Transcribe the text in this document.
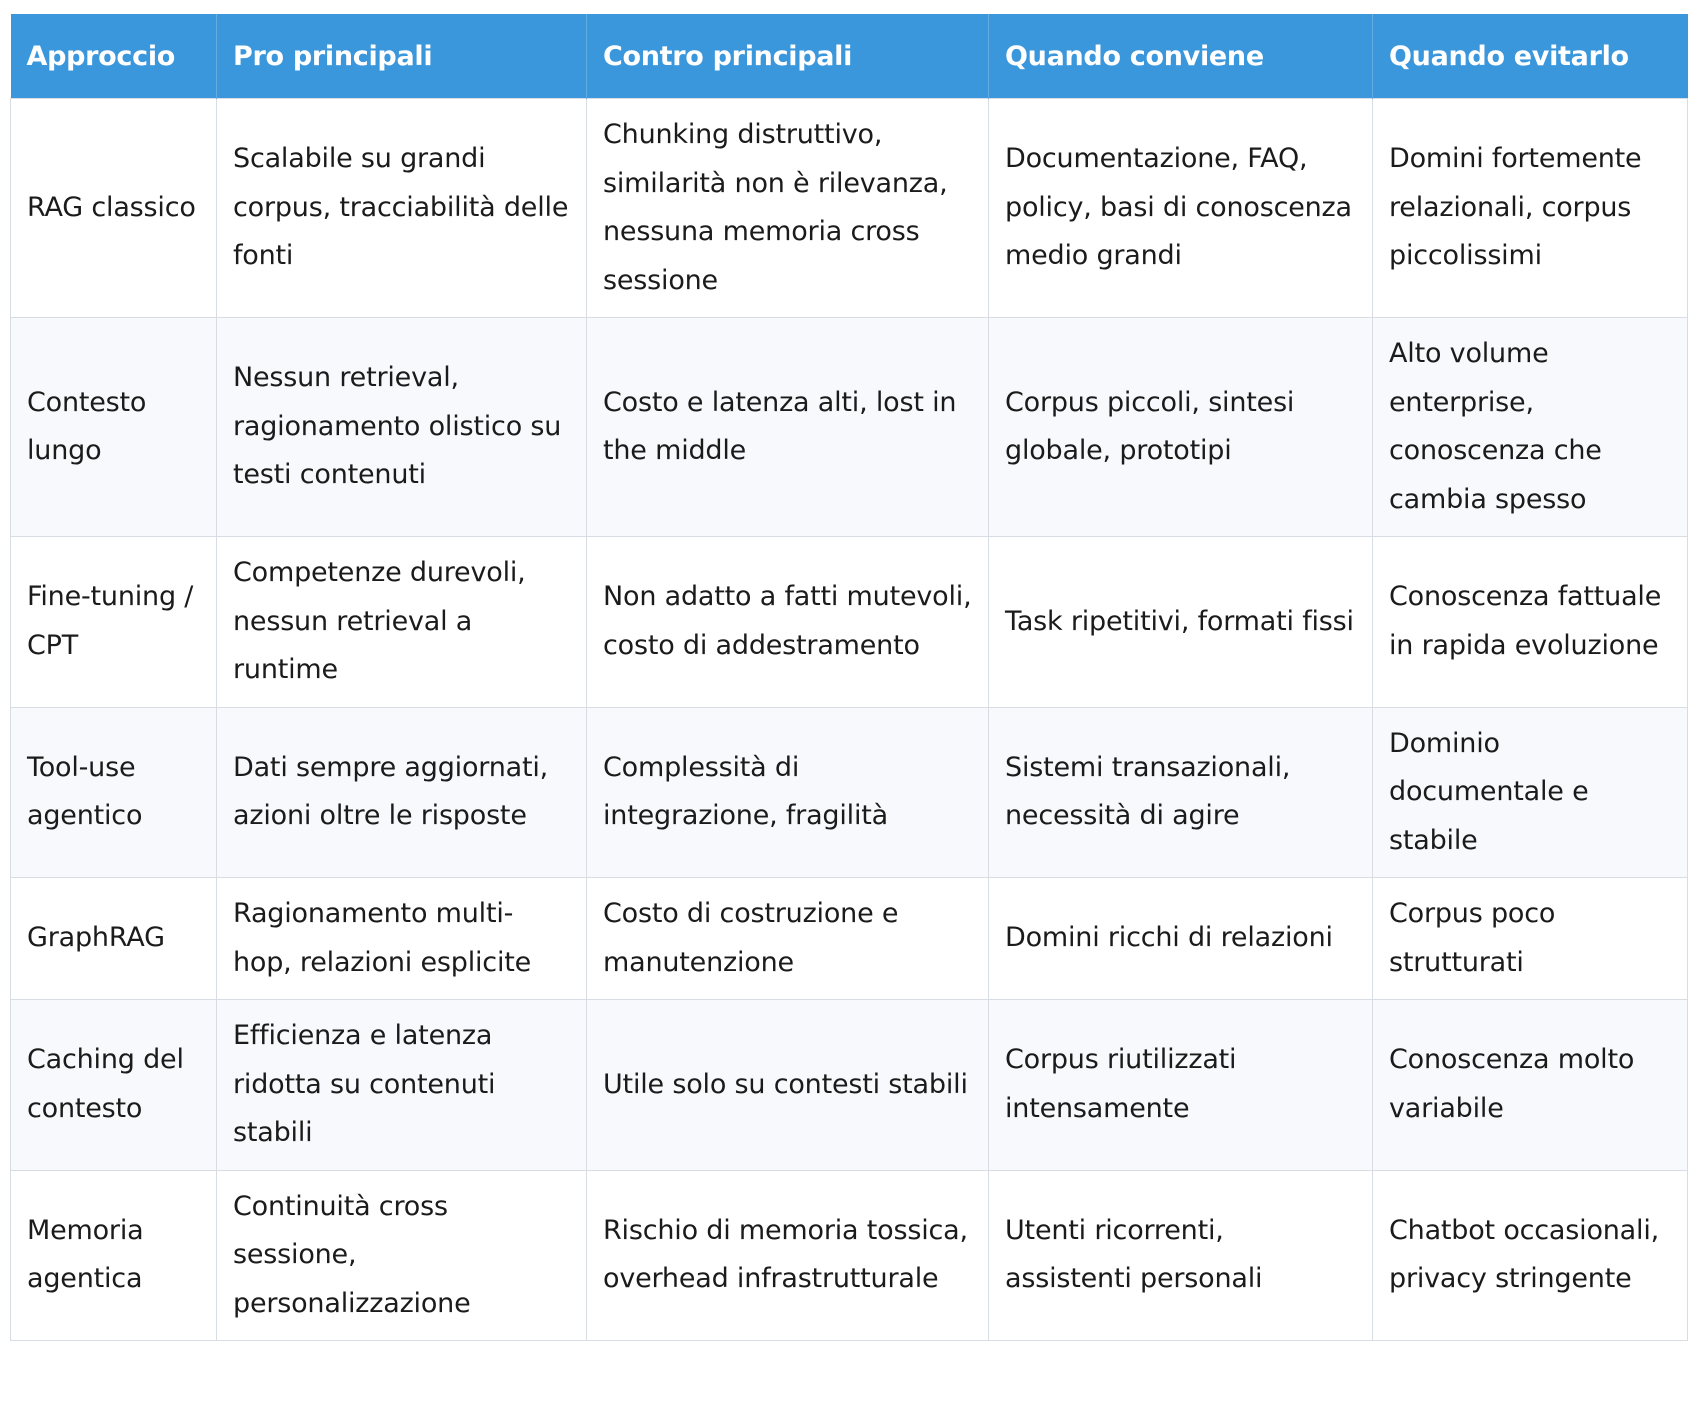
Approccio	Pro principali	Contro principali	Quando conviene	Quando evitarlo
RAG classico	Scalabile su grandi corpus, tracciabilità delle fonti	Chunking distruttivo, similarità non è rilevanza, nessuna memoria cross sessione	Documentazione, FAQ, policy, basi di conoscenza medio grandi	Domini fortemente relazionali, corpus piccolissimi
Contesto lungo	Nessun retrieval, ragionamento olistico su testi contenuti	Costo e latenza alti, lost in the middle	Corpus piccoli, sintesi globale, prototipi	Alto volume enterprise, conoscenza che cambia spesso
Fine-tuning / CPT	Competenze durevoli, nessun retrieval a runtime	Non adatto a fatti mutevoli, costo di addestramento	Task ripetitivi, formati fissi	Conoscenza fattuale in rapida evoluzione
Tool-use agentico	Dati sempre aggiornati, azioni oltre le risposte	Complessità di integrazione, fragilità	Sistemi transazionali, necessità di agire	Dominio documentale e stabile
GraphRAG	Ragionamento multi-hop, relazioni esplicite	Costo di costruzione e manutenzione	Domini ricchi di relazioni	Corpus poco strutturati
Caching del contesto	Efficienza e latenza ridotta su contenuti stabili	Utile solo su contesti stabili	Corpus riutilizzati intensamente	Conoscenza molto variabile
Memoria agentica	Continuità cross sessione, personalizzazione	Rischio di memoria tossica, overhead infrastrutturale	Utenti ricorrenti, assistenti personali	Chatbot occasionali, privacy stringente
